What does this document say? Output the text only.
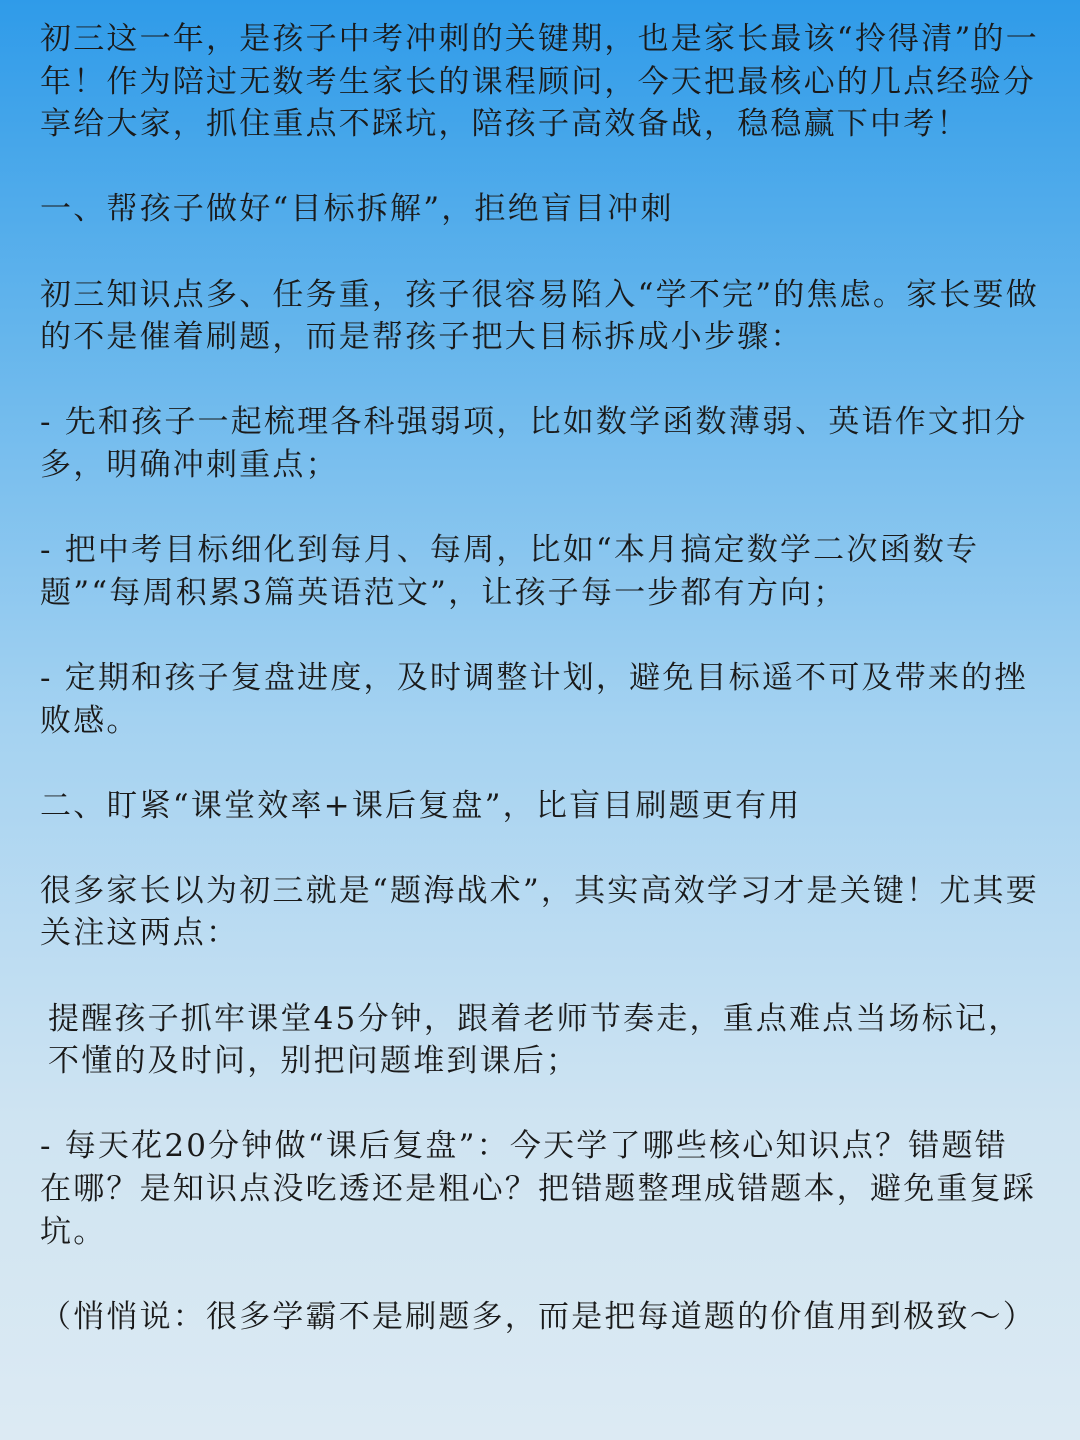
初三这一年，是孩子中考冲刺的关键期，也是家长最该“拎得清”的一年！作为陪过无数考生家长的课程顾问，今天把最核心的几点经验分享给大家，抓住重点不踩坑，陪孩子高效备战，稳稳赢下中考！

一、帮孩子做好“目标拆解”，拒绝盲目冲刺

初三知识点多、任务重，孩子很容易陷入“学不完”的焦虑。家长要做的不是催着刷题，而是帮孩子把大目标拆成小步骤：

- 先和孩子一起梳理各科强弱项，比如数学函数薄弱、英语作文扣分多，明确冲刺重点；

- 把中考目标细化到每月、每周，比如“本月搞定数学二次函数专题”“每周积累3篇英语范文”，让孩子每一步都有方向；

- 定期和孩子复盘进度，及时调整计划，避免目标遥不可及带来的挫败感。

二、盯紧“课堂效率+课后复盘”，比盲目刷题更有用

很多家长以为初三就是“题海战术”，其实高效学习才是关键！尤其要关注这两点：

提醒孩子抓牢课堂45分钟，跟着老师节奏走，重点难点当场标记，不懂的及时问，别把问题堆到课后；

- 每天花20分钟做“课后复盘”：今天学了哪些核心知识点？错题错在哪？是知识点没吃透还是粗心？把错题整理成错题本，避免重复踩坑。

（悄悄说：很多学霸不是刷题多，而是把每道题的价值用到极致～）
